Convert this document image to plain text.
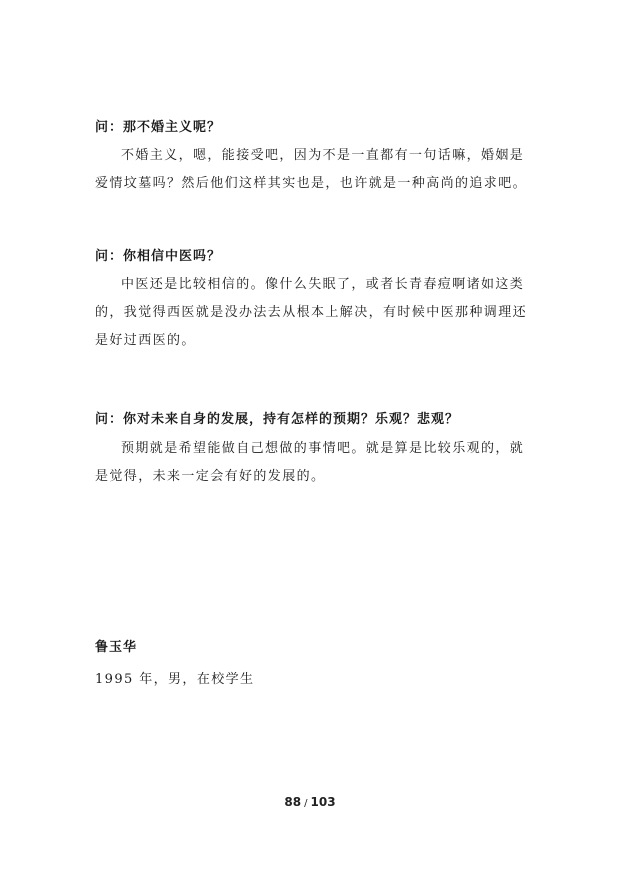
问：那不婚主义呢？
不婚主义，嗯，能接受吧，因为不是一直都有一句话嘛，婚姻是
爱情坟墓吗？然后他们这样其实也是，也许就是一种高尚的追求吧。
问：你相信中医吗？
中医还是比较相信的。像什么失眠了，或者长青春痘啊诸如这类
的，我觉得西医就是没办法去从根本上解决，有时候中医那种调理还
是好过西医的。
问：你对未来自身的发展，持有怎样的预期？乐观？悲观？
预期就是希望能做自己想做的事情吧。就是算是比较乐观的，就
是觉得，未来一定会有好的发展的。
鲁玉华
1995 年，男，在校学生
88 / 103
